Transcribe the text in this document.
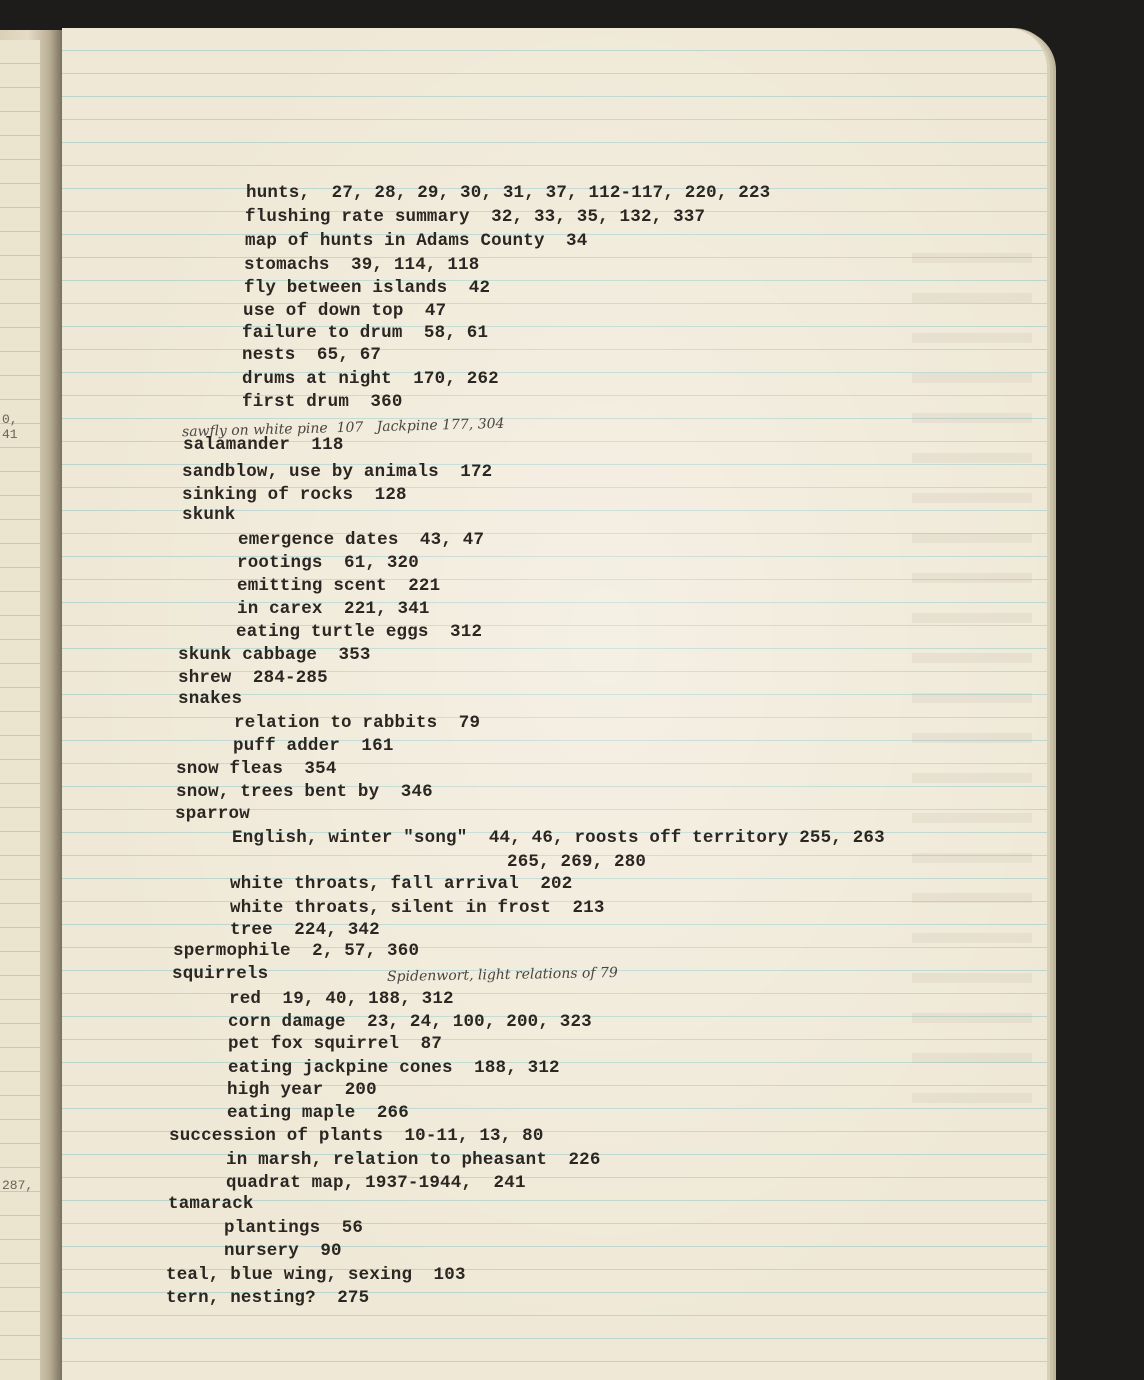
0, 41
287,

hunts,  27, 28, 29, 30, 31, 37, 112-117, 220, 223

flushing rate summary  32, 33, 35, 132, 337

map of hunts in Adams County  34

stomachs  39, 114, 118

fly between islands  42

use of down top  47

failure to drum  58, 61

nests  65, 67

drums at night  170, 262

first drum  360

sawfly on white pine  107   Jackpine 177, 304

salamander  118

sandblow, use by animals  172

sinking of rocks  128

skunk

emergence dates  43, 47

rootings  61, 320

emitting scent  221

in carex  221, 341

eating turtle eggs  312

skunk cabbage  353

shrew  284-285

snakes

relation to rabbits  79

puff adder  161

snow fleas  354

snow, trees bent by  346

sparrow

English, winter "song"  44, 46, roosts off territory 255, 263

265, 269, 280

white throats, fall arrival  202

white throats, silent in frost  213

tree  224, 342

spermophile  2, 57, 360

squirrels	Spidenwort, light relations of 79

red  19, 40, 188, 312

corn damage  23, 24, 100, 200, 323

pet fox squirrel  87

eating jackpine cones  188, 312

high year  200

eating maple  266

succession of plants  10-11, 13, 80

in marsh, relation to pheasant  226

quadrat map, 1937-1944,  241

tamarack

plantings  56

nursery  90

teal, blue wing, sexing  103

tern, nesting?  275
